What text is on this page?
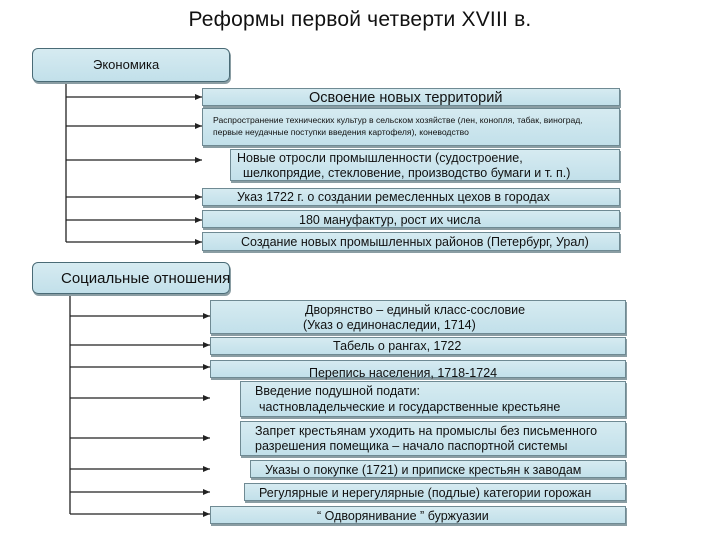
Реформы первой четверти XVIII в.
Экономика
Освоение новых территорий
Распространение технических культур в сельском хозяйстве (лен, конопля, табак, виноград,
первые неудачные поступки введения картофеля), коневодство
Новые отросли промышленности (судостроение,
шелкопрядие, стекловение, производство бумаги и т. п.)
Указ 1722 г. о создании ремесленных цехов в городах
180 мануфактур, рост их числа
Создание новых промышленных районов (Петербург, Урал)
Социальные отношения
Дворянство – единый класс-сословие
(Указ о единонаследии, 1714)
Табель о рангах, 1722
Перепись населения, 1718-1724
Введение подушной подати:
частновладельческие и государственные крестьяне
Запрет крестьянам уходить на промыслы без письменного
разрешения помещика – начало паспортной системы
Указы о покупке (1721) и приписке крестьян к заводам
Регулярные и нерегулярные (подлые) категории горожан
“ Одворянивание ” буржуазии
